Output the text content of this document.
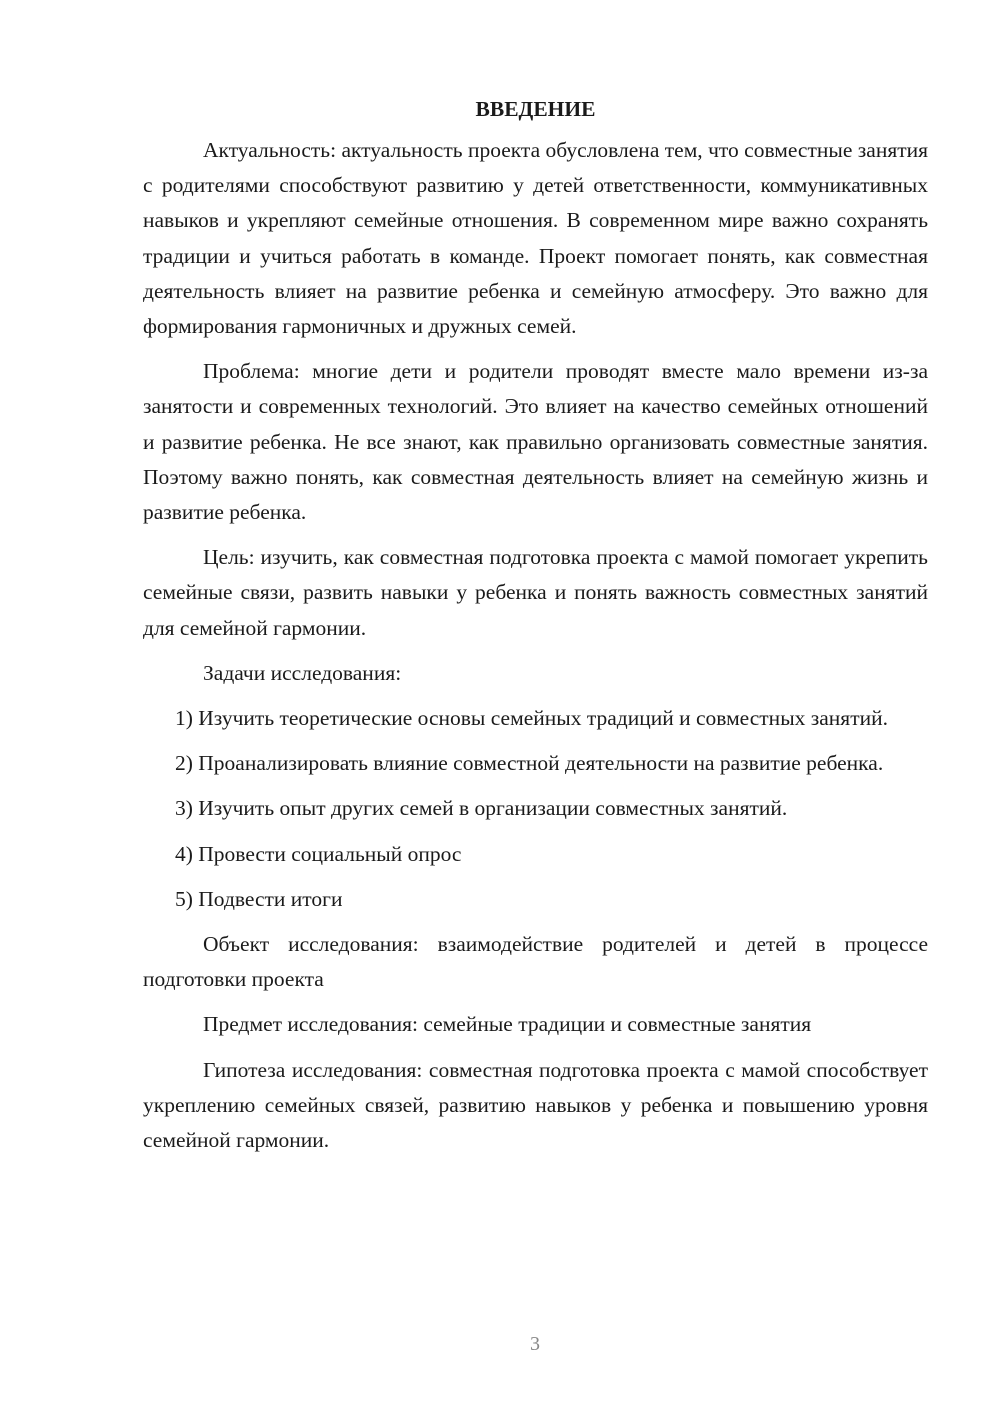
ВВЕДЕНИЕ

Актуальность: актуальность проекта обусловлена тем, что совместные занятия с родителями способствуют развитию у детей ответственности, коммуникативных навыков и укрепляют семейные отношения. В современном мире важно сохранять традиции и учиться работать в команде. Проект помогает понять, как совместная деятельность влияет на развитие ребенка и семейную атмосферу. Это важно для формирования гармоничных и дружных семей.

Проблема: многие дети и родители проводят вместе мало времени из-за занятости и современных технологий. Это влияет на качество семейных отношений и развитие ребенка. Не все знают, как правильно организовать совместные занятия. Поэтому важно понять, как совместная деятельность влияет на семейную жизнь и развитие ребенка.

Цель: изучить, как совместная подготовка проекта с мамой помогает укрепить семейные связи, развить навыки у ребенка и понять важность совместных занятий для семейной гармонии.

Задачи исследования:

1) Изучить теоретические основы семейных традиций и совместных занятий.

2) Проанализировать влияние совместной деятельности на развитие ребенка.

3) Изучить опыт других семей в организации совместных занятий.

4) Провести социальный опрос

5) Подвести итоги

Объект исследования: взаимодействие родителей и детей в процессе подготовки проекта

Предмет исследования: семейные традиции и совместные занятия

Гипотеза исследования: совместная подготовка проекта с мамой способствует укреплению семейных связей, развитию навыков у ребенка и повышению уровня семейной гармонии.

3
